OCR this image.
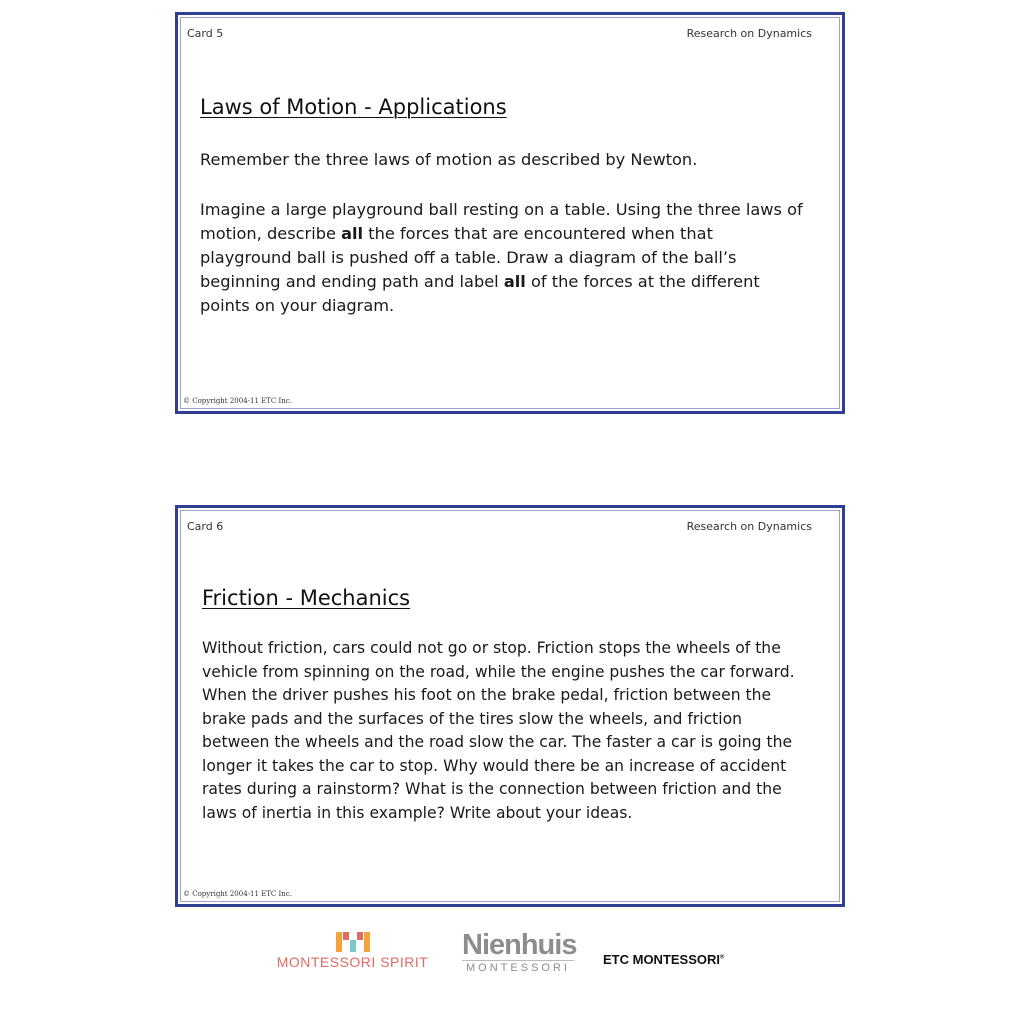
Card 5	Research on Dynamics
Laws of Motion - Applications

Remember the three laws of motion as described by Newton.

Imagine a large playground ball resting on a table. Using the three laws of motion, describe all the forces that are encountered when that playground ball is pushed off a table. Draw a diagram of the ball’s beginning and ending path and label all of the forces at the different points on your diagram.

© Copyright 2004-11 ETC Inc.
Card 6	Research on Dynamics
Friction - Mechanics

Without friction, cars could not go or stop. Friction stops the wheels of the vehicle from spinning on the road, while the engine pushes the car forward. When the driver pushes his foot on the brake pedal, friction between the brake pads and the surfaces of the tires slow the wheels, and friction between the wheels and the road slow the car. The faster a car is going the longer it takes the car to stop. Why would there be an increase of accident rates during a rainstorm? What is the connection between friction and the laws of inertia in this example? Write about your ideas.

© Copyright 2004-11 ETC Inc.
MONTESSORI SPIRIT
Nienhuis
MONTESSORI
ETC MONTESSORI®
